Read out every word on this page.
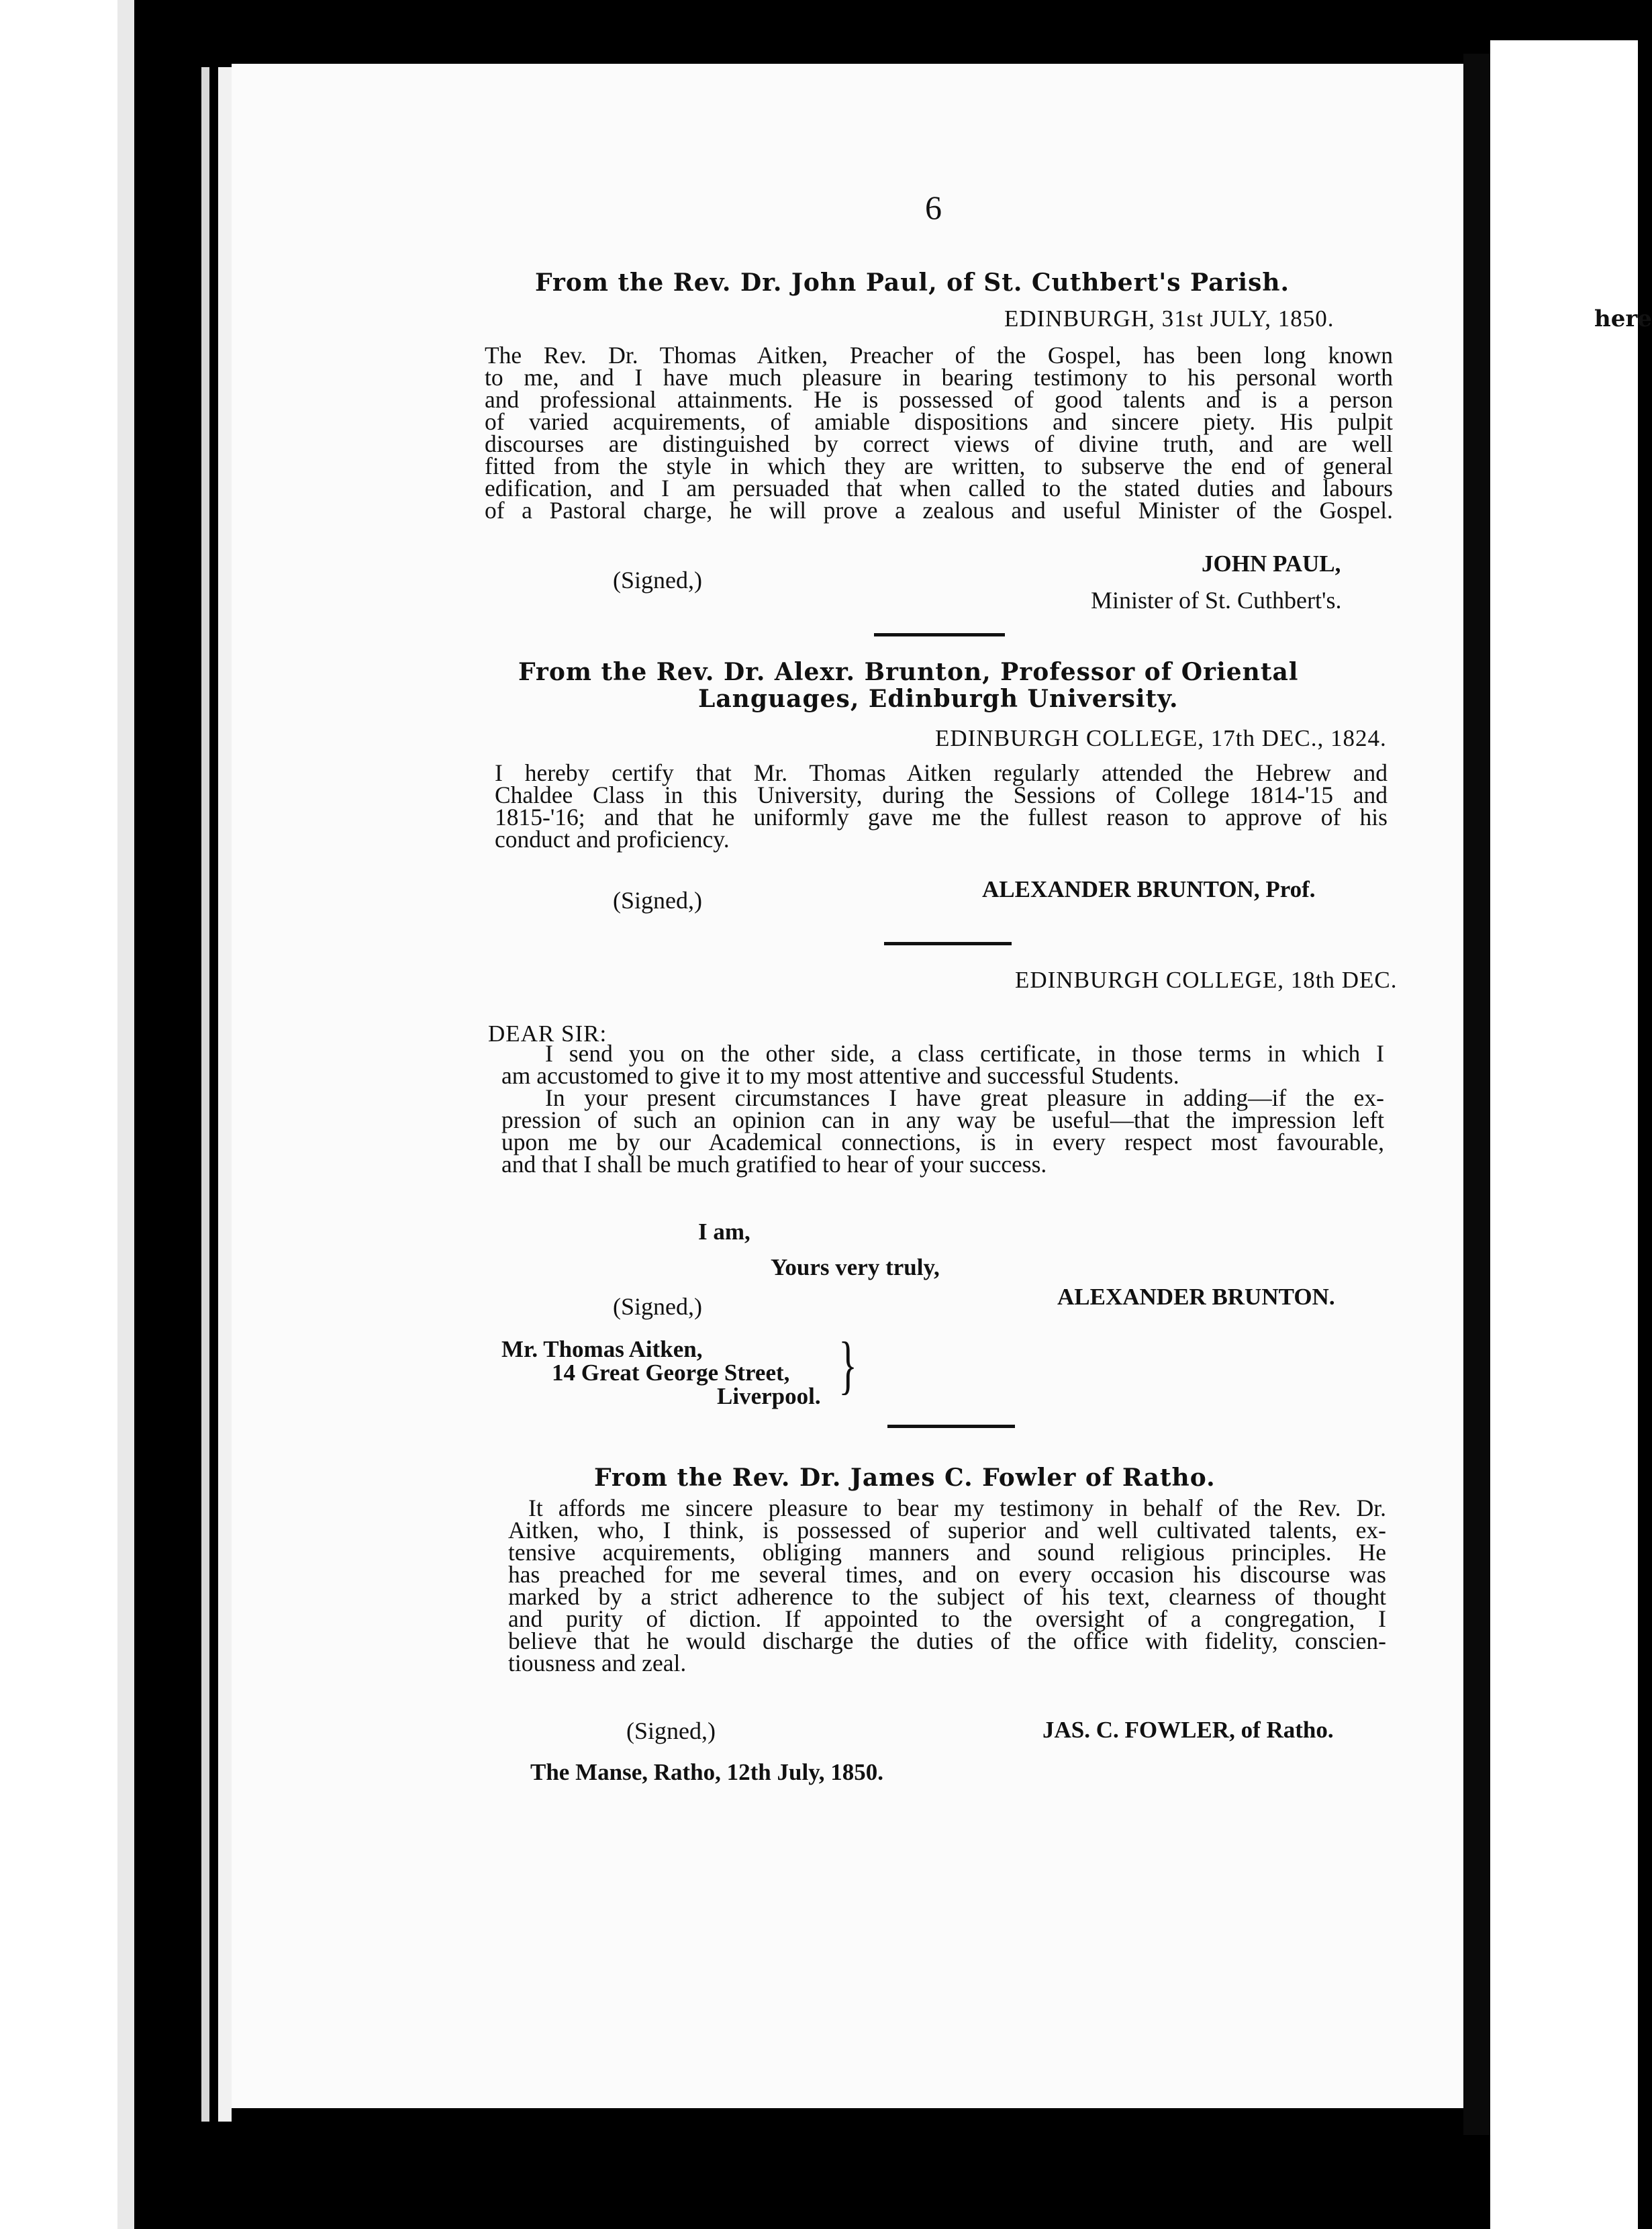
here
6
From the Rev. Dr. John Paul, of St. Cuthbert's Parish.
EDINBURGH, 31st JULY, 1850.
The Rev. Dr. Thomas Aitken, Preacher of the Gospel, has been long known
to me, and I have much pleasure in bearing testimony to his personal worth
and professional attainments. He is possessed of good talents and is a person
of varied acquirements, of amiable dispositions and sincere piety. His pulpit
discourses are distinguished by correct views of divine truth, and are well
fitted from the style in which they are written, to subserve the end of general
edification, and I am persuaded that when called to the stated duties and labours
of a Pastoral charge, he will prove a zealous and useful Minister of the Gospel.
(Signed,)
JOHN PAUL,
Minister of St. Cuthbert's.
From the Rev. Dr. Alexr. Brunton, Professor of Oriental
Languages, Edinburgh University.
EDINBURGH COLLEGE, 17th DEC., 1824.
I hereby certify that Mr. Thomas Aitken regularly attended the Hebrew and
Chaldee Class in this University, during the Sessions of College 1814-'15 and
1815-'16; and that he uniformly gave me the fullest reason to approve of his
conduct and proficiency.
(Signed,)	ALEXANDER BRUNTON, Prof.
EDINBURGH COLLEGE, 18th DEC.
DEAR SIR:
I send you on the other side, a class certificate, in those terms in which I
am accustomed to give it to my most attentive and successful Students.
In your present circumstances I have great pleasure in adding—if the ex-
pression of such an opinion can in any way be useful—that the impression left
upon me by our Academical connections, is in every respect most favourable,
and that I shall be much gratified to hear of your success.
I am,
Yours very truly,
(Signed,)	ALEXANDER BRUNTON.
Mr. Thomas Aitken,
14 Great George Street,
Liverpool. }
From the Rev. Dr. James C. Fowler of Ratho.
It affords me sincere pleasure to bear my testimony in behalf of the Rev. Dr.
Aitken, who, I think, is possessed of superior and well cultivated talents, ex-
tensive acquirements, obliging manners and sound religious principles. He
has preached for me several times, and on every occasion his discourse was
marked by a strict adherence to the subject of his text, clearness of thought
and purity of diction. If appointed to the oversight of a congregation, I
believe that he would discharge the duties of the office with fidelity, conscien-
tiousness and zeal.
(Signed,)	JAS. C. FOWLER, of Ratho.
The Manse, Ratho, 12th July, 1850.
